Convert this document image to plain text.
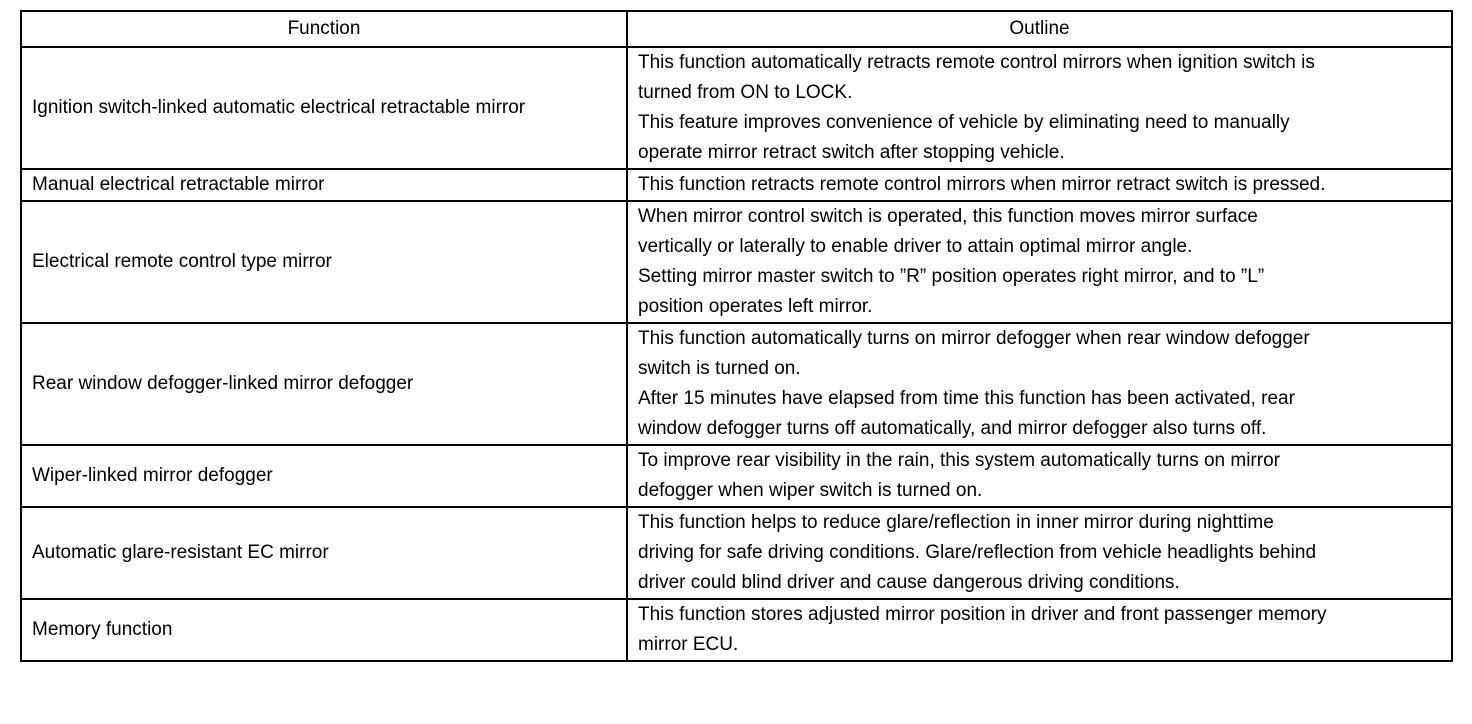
Function	Outline
Ignition switch-linked automatic electrical retractable mirror	This function automatically retracts remote control mirrors when ignition switch is
turned from ON to LOCK.
This feature improves convenience of vehicle by eliminating need to manually
operate mirror retract switch after stopping vehicle.

Manual electrical retractable mirror	This function retracts remote control mirrors when mirror retract switch is pressed.

Electrical remote control type mirror	When mirror control switch is operated, this function moves mirror surface
vertically or laterally to enable driver to attain optimal mirror angle.
Setting mirror master switch to ”R” position operates right mirror, and to ”L”
position operates left mirror.

Rear window defogger-linked mirror defogger	This function automatically turns on mirror defogger when rear window defogger
switch is turned on.
After 15 minutes have elapsed from time this function has been activated, rear
window defogger turns off automatically, and mirror defogger also turns off.

Wiper-linked mirror defogger	To improve rear visibility in the rain, this system automatically turns on mirror
defogger when wiper switch is turned on.

Automatic glare-resistant EC mirror	This function helps to reduce glare/reflection in inner mirror during nighttime
driving for safe driving conditions. Glare/reflection from vehicle headlights behind
driver could blind driver and cause dangerous driving conditions.

Memory function	This function stores adjusted mirror position in driver and front passenger memory
mirror ECU.
